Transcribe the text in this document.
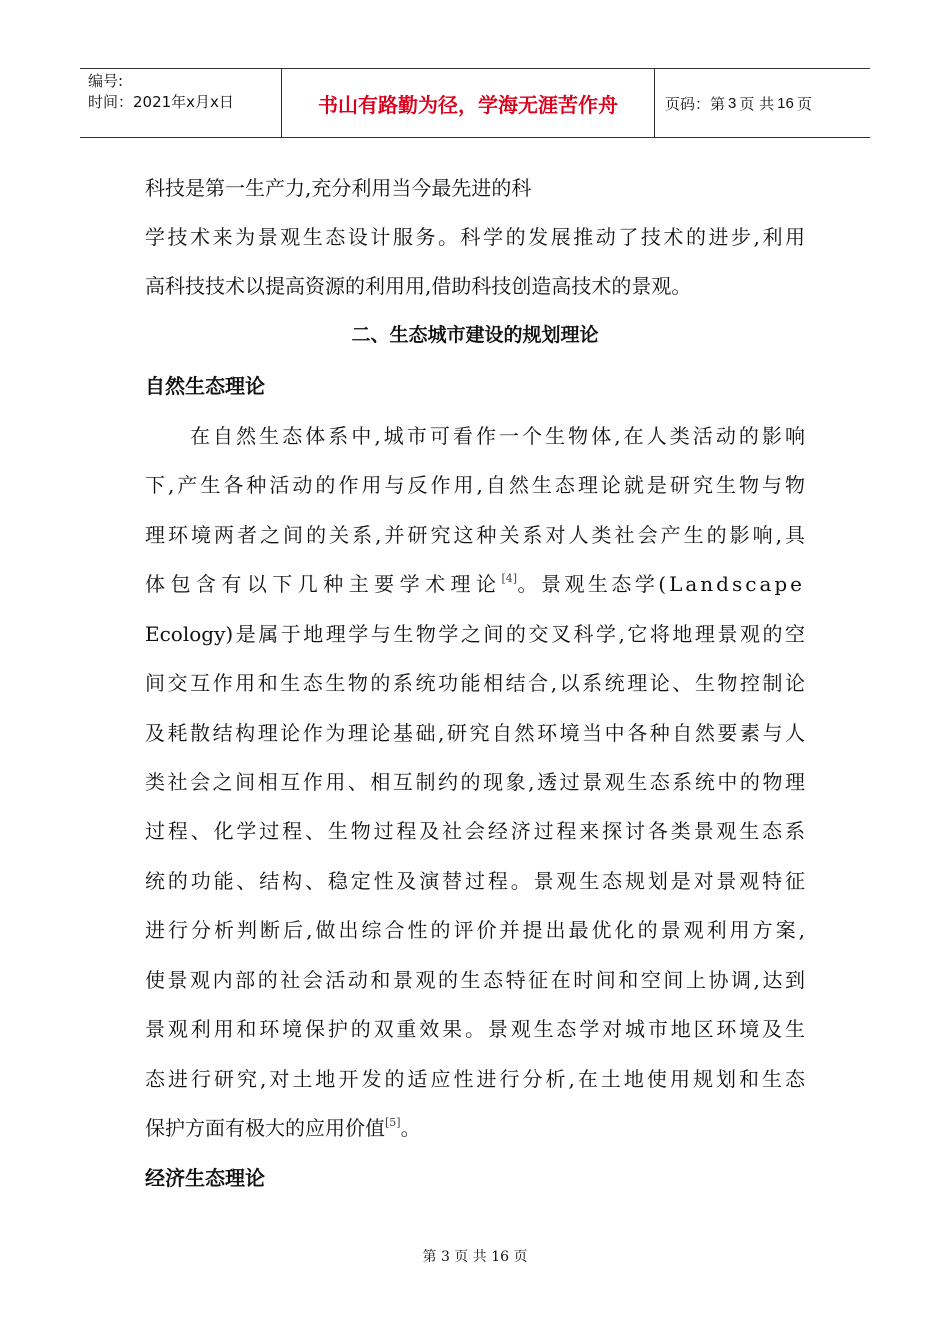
编号:
时间：2021年x月x日	书山有路勤为径，学海无涯苦作舟	页码：第 3 页 共 16 页
科技是第一生产力,充分利用当今最先进的科
学技术来为景观生态设计服务。科学的发展推动了技术的进步,利用
高科技技术以提高资源的利用用,借助科技创造高技术的景观。
二、生态城市建设的规划理论
自然生态理论
在自然生态体系中,城市可看作一个生物体,在人类活动的影响
下,产生各种活动的作用与反作用,自然生态理论就是研究生物与物
理环境两者之间的关系,并研究这种关系对人类社会产生的影响,具
体包含有以下几种主要学术理论[4]。景观生态学(Landscape
Ecology)是属于地理学与生物学之间的交叉科学,它将地理景观的空
间交互作用和生态生物的系统功能相结合,以系统理论、生物控制论
及耗散结构理论作为理论基础,研究自然环境当中各种自然要素与人
类社会之间相互作用、相互制约的现象,透过景观生态系统中的物理
过程、化学过程、生物过程及社会经济过程来探讨各类景观生态系
统的功能、结构、稳定性及演替过程。景观生态规划是对景观特征
进行分析判断后,做出综合性的评价并提出最优化的景观利用方案,
使景观内部的社会活动和景观的生态特征在时间和空间上协调,达到
景观利用和环境保护的双重效果。景观生态学对城市地区环境及生
态进行研究,对土地开发的适应性进行分析,在土地使用规划和生态
保护方面有极大的应用价值[5]。
经济生态理论
第 3 页 共 16 页
